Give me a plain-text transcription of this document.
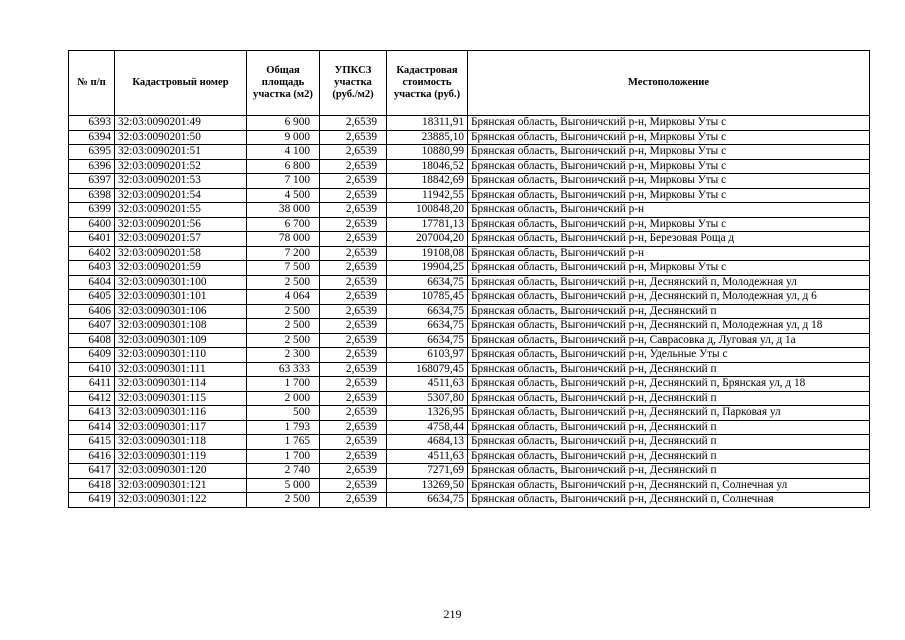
№ п/п	Кадастровый номер	Общая площадь участка (м2)	УПКСЗ участка (руб./м2)	Кадастровая стоимость участка (руб.)	Местоположение
6393	32:03:0090201:49	6 900	2,6539	18311,91	Брянская область, Выгоничский р-н, Мирковы Уты с
6394	32:03:0090201:50	9 000	2,6539	23885,10	Брянская область, Выгоничский р-н, Мирковы Уты с
6395	32:03:0090201:51	4 100	2,6539	10880,99	Брянская область, Выгоничский р-н, Мирковы Уты с
6396	32:03:0090201:52	6 800	2,6539	18046,52	Брянская область, Выгоничский р-н, Мирковы Уты с
6397	32:03:0090201:53	7 100	2,6539	18842,69	Брянская область, Выгоничский р-н, Мирковы Уты с
6398	32:03:0090201:54	4 500	2,6539	11942,55	Брянская область, Выгоничский р-н, Мирковы Уты с
6399	32:03:0090201:55	38 000	2,6539	100848,20	Брянская область, Выгоничский р-н
6400	32:03:0090201:56	6 700	2,6539	17781,13	Брянская область, Выгоничский р-н, Мирковы Уты с
6401	32:03:0090201:57	78 000	2,6539	207004,20	Брянская область, Выгоничский р-н, Березовая Роща д
6402	32:03:0090201:58	7 200	2,6539	19108,08	Брянская область, Выгоничский р-н
6403	32:03:0090201:59	7 500	2,6539	19904,25	Брянская область, Выгоничский р-н, Мирковы Уты с
6404	32:03:0090301:100	2 500	2,6539	6634,75	Брянская область, Выгоничский р-н, Деснянский п, Молодежная ул
6405	32:03:0090301:101	4 064	2,6539	10785,45	Брянская область, Выгоничский р-н, Деснянский п, Молодежная ул, д 6
6406	32:03:0090301:106	2 500	2,6539	6634,75	Брянская область, Выгоничский р-н, Деснянский п
6407	32:03:0090301:108	2 500	2,6539	6634,75	Брянская область, Выгоничский р-н, Деснянский п, Молодежная ул, д 18
6408	32:03:0090301:109	2 500	2,6539	6634,75	Брянская область, Выгоничский р-н, Саврасовка д, Луговая ул, д 1а
6409	32:03:0090301:110	2 300	2,6539	6103,97	Брянская область, Выгоничский р-н, Удельные Уты с
6410	32:03:0090301:111	63 333	2,6539	168079,45	Брянская область, Выгоничский р-н, Деснянский п
6411	32:03:0090301:114	1 700	2,6539	4511,63	Брянская область, Выгоничский р-н, Деснянский п, Брянская ул, д 18
6412	32:03:0090301:115	2 000	2,6539	5307,80	Брянская область, Выгоничский р-н, Деснянский п
6413	32:03:0090301:116	500	2,6539	1326,95	Брянская область, Выгоничский р-н, Деснянский п, Парковая ул
6414	32:03:0090301:117	1 793	2,6539	4758,44	Брянская область, Выгоничский р-н, Деснянский п
6415	32:03:0090301:118	1 765	2,6539	4684,13	Брянская область, Выгоничский р-н, Деснянский п
6416	32:03:0090301:119	1 700	2,6539	4511,63	Брянская область, Выгоничский р-н, Деснянский п
6417	32:03:0090301:120	2 740	2,6539	7271,69	Брянская область, Выгоничский р-н, Деснянский п
6418	32:03:0090301:121	5 000	2,6539	13269,50	Брянская область, Выгоничский р-н, Деснянский п, Солнечная ул
6419	32:03:0090301:122	2 500	2,6539	6634,75	Брянская область, Выгоничский р-н, Деснянский п, Солнечная
219
